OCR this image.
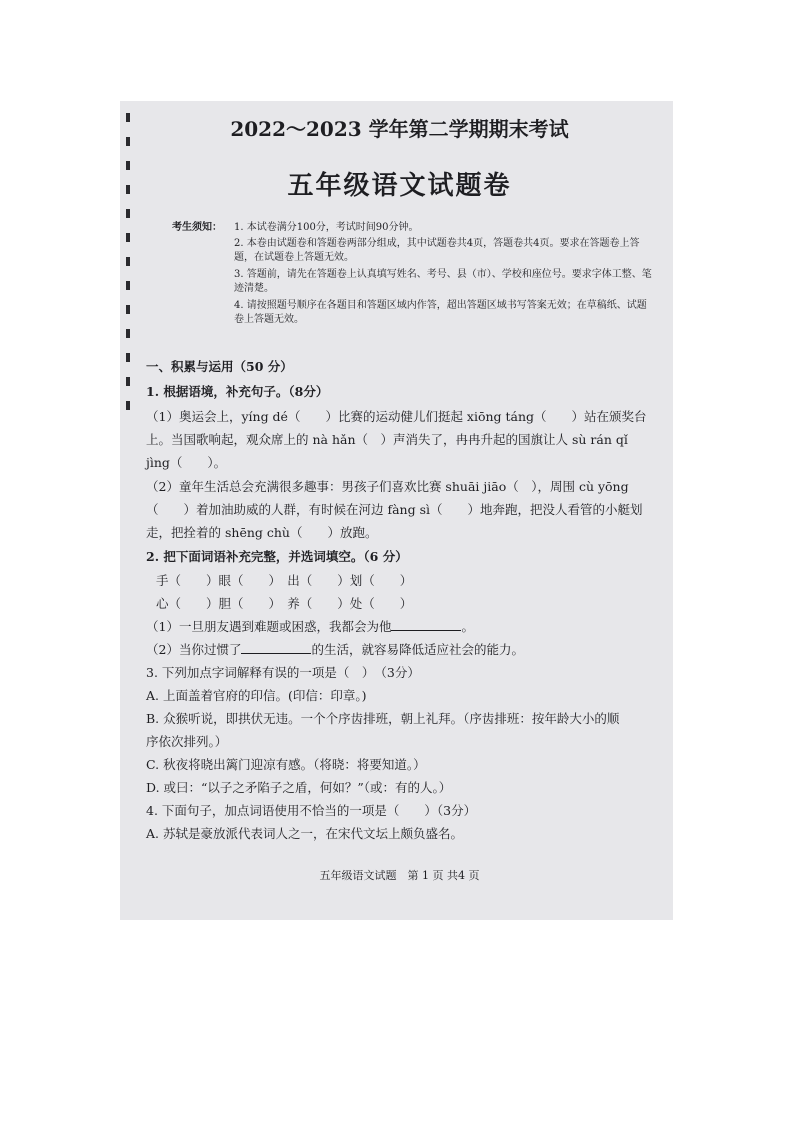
2022～2023 学年第二学期期末考试
五年级语文试题卷
考生须知： 1. 本试卷满分100分，考试时间90分钟。
2. 本卷由试题卷和答题卷两部分组成，其中试题卷共4页，答题卷共4页。要求在答题卷上答题，在试题卷上答题无效。
3. 答题前，请先在答题卷上认真填写姓名、考号、县（市）、学校和座位号。要求字体工整、笔迹清楚。
4. 请按照题号顺序在各题目和答题区域内作答，超出答题区域书写答案无效；在草稿纸、试题卷上答题无效。
一、积累与运用（50 分）
1. 根据语境，补充句子。（8分）
（1）奥运会上，yíng dé（　　）比赛的运动健儿们挺起 xiōng táng（　　）站在颁奖台
上。当国歌响起，观众席上的 nà hǎn（　）声消失了，冉冉升起的国旗让人 sù rán qǐ
jìng（　　）。
（2）童年生活总会充满很多趣事：男孩子们喜欢比赛 shuāi jiāo（　），周围 cù yōng
（　　）着加油助威的人群，有时候在河边 fàng sì（　　）地奔跑，把没人看管的小艇划
走，把拴着的 shēng chù（　　）放跑。
2. 把下面词语补充完整，并选词填空。（6 分）
手（　　）眼（　　）　出（　　）划（　　）
心（　　）胆（　　）　养（　　）处（　　）
（1）一旦朋友遇到难题或困惑，我都会为他	。
（2）当你过惯了	的生活，就容易降低适应社会的能力。
3. 下列加点字词解释有误的一项是（　）　（3分）
A. 上面盖着官府的印信。(印信：印章。)
B. 众猴听说，即拱伏无违。一个个序齿排班，朝上礼拜。（序齿排班：按年龄大小的顺
序依次排列。）
C. 秋夜将晓出篱门迎凉有感。（将晓：将要知道。）
D. 或曰：“以子之矛陷子之盾，何如？”（或：有的人。）
4. 下面句子，加点词语使用不恰当的一项是（　　）（3分）
A. 苏轼是豪放派代表词人之一，在宋代文坛上颇负盛名。
五年级语文试题　第 1 页 共4 页
